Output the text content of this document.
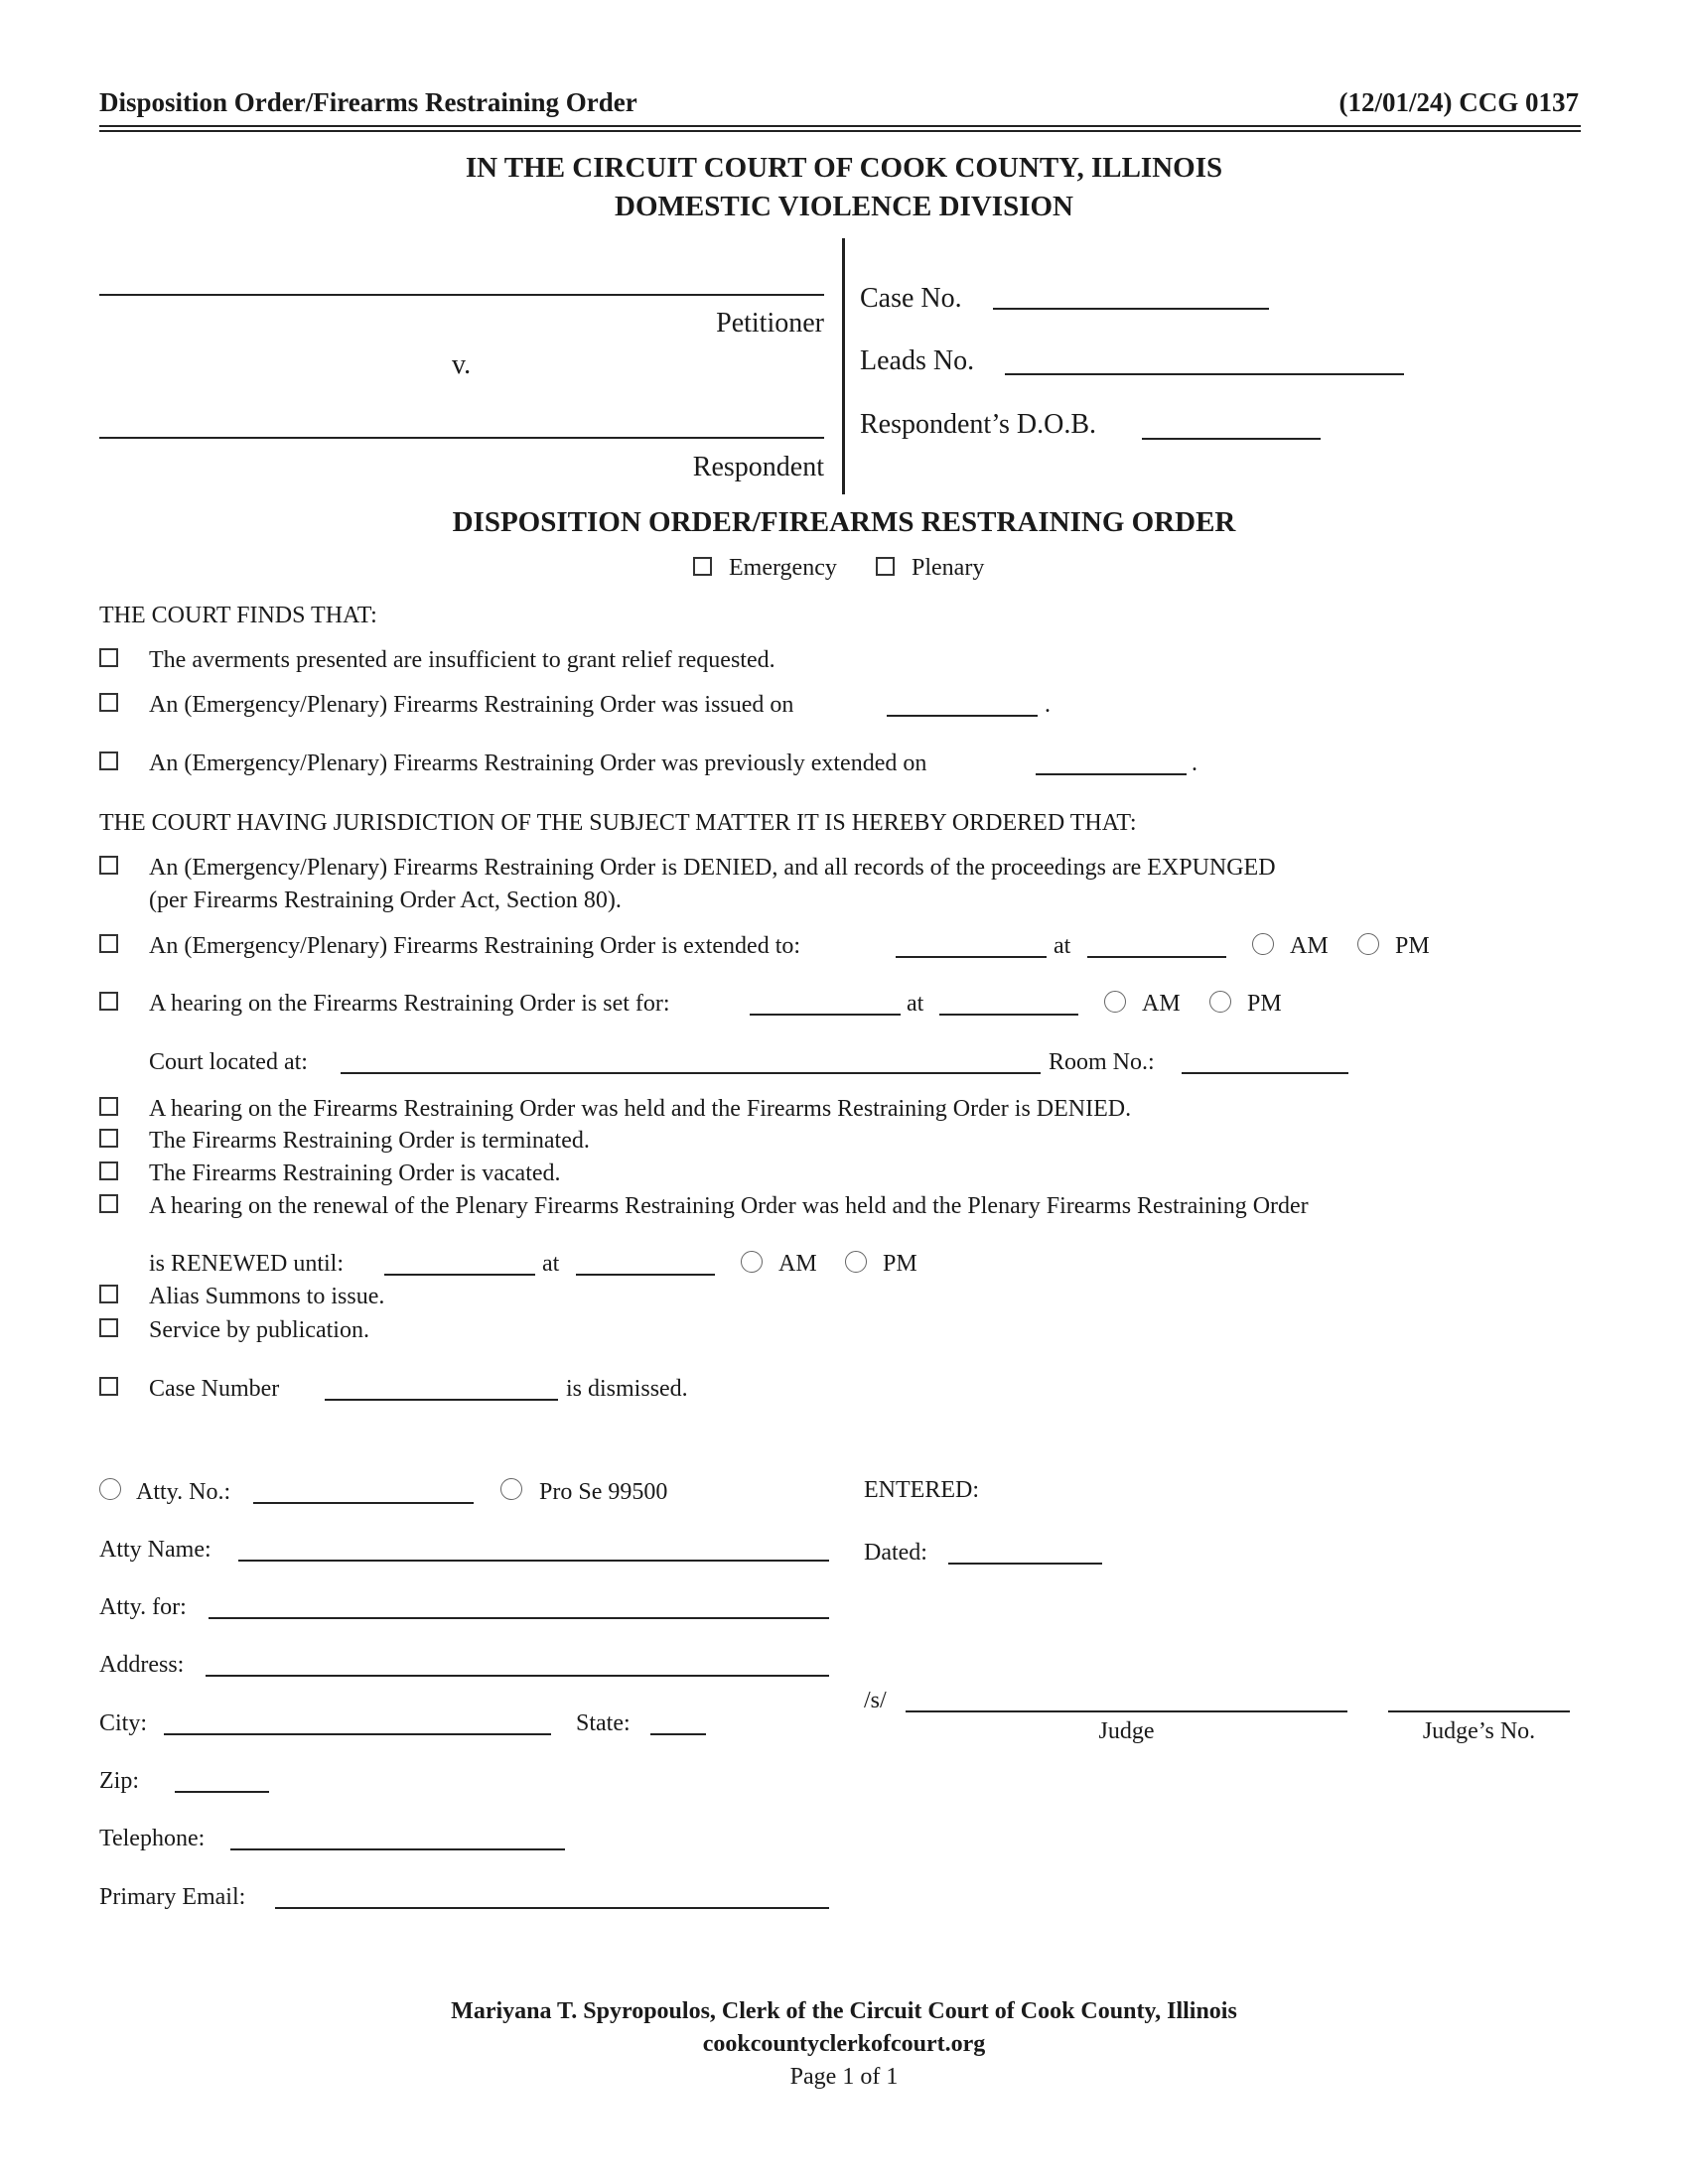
Disposition Order/Firearms Restraining Order	(12/01/24) CCG 0137
IN THE CIRCUIT COURT OF COOK COUNTY, ILLINOIS
DOMESTIC VIOLENCE DIVISION
Petitioner
v.
Respondent
Case No.
Leads No.
Respondent’s D.O.B.
DISPOSITION ORDER/FIREARMS RESTRAINING ORDER
Emergency	Plenary
THE COURT FINDS THAT:
The averments presented are insufficient to grant relief requested.
An (Emergency/Plenary) Firearms Restraining Order was issued on	.
An (Emergency/Plenary) Firearms Restraining Order was previously extended on	.
THE COURT HAVING JURISDICTION OF THE SUBJECT MATTER IT IS HEREBY ORDERED THAT:
An (Emergency/Plenary) Firearms Restraining Order is DENIED, and all records of the proceedings are EXPUNGED
(per Firearms Restraining Order Act, Section 80).
An (Emergency/Plenary) Firearms Restraining Order is extended to:	at	AM	PM
A hearing on the Firearms Restraining Order is set for:	at	AM	PM
Court located at:	Room No.:
A hearing on the Firearms Restraining Order was held and the Firearms Restraining Order is DENIED.
The Firearms Restraining Order is terminated.
The Firearms Restraining Order is vacated.
A hearing on the renewal of the Plenary Firearms Restraining Order was held and the Plenary Firearms Restraining Order
is RENEWED until:	at	AM	PM
Alias Summons to issue.
Service by publication.
Case Number	is dismissed.
Atty. No.:	Pro Se 99500
Atty Name:
Atty. for:
Address:
City:	State:
Zip:
Telephone:
Primary Email:
ENTERED:
Dated:
/s/
Judge	Judge’s No.
Mariyana T. Spyropoulos, Clerk of the Circuit Court of Cook County, Illinois
cookcountyclerkofcourt.org
Page 1 of 1
